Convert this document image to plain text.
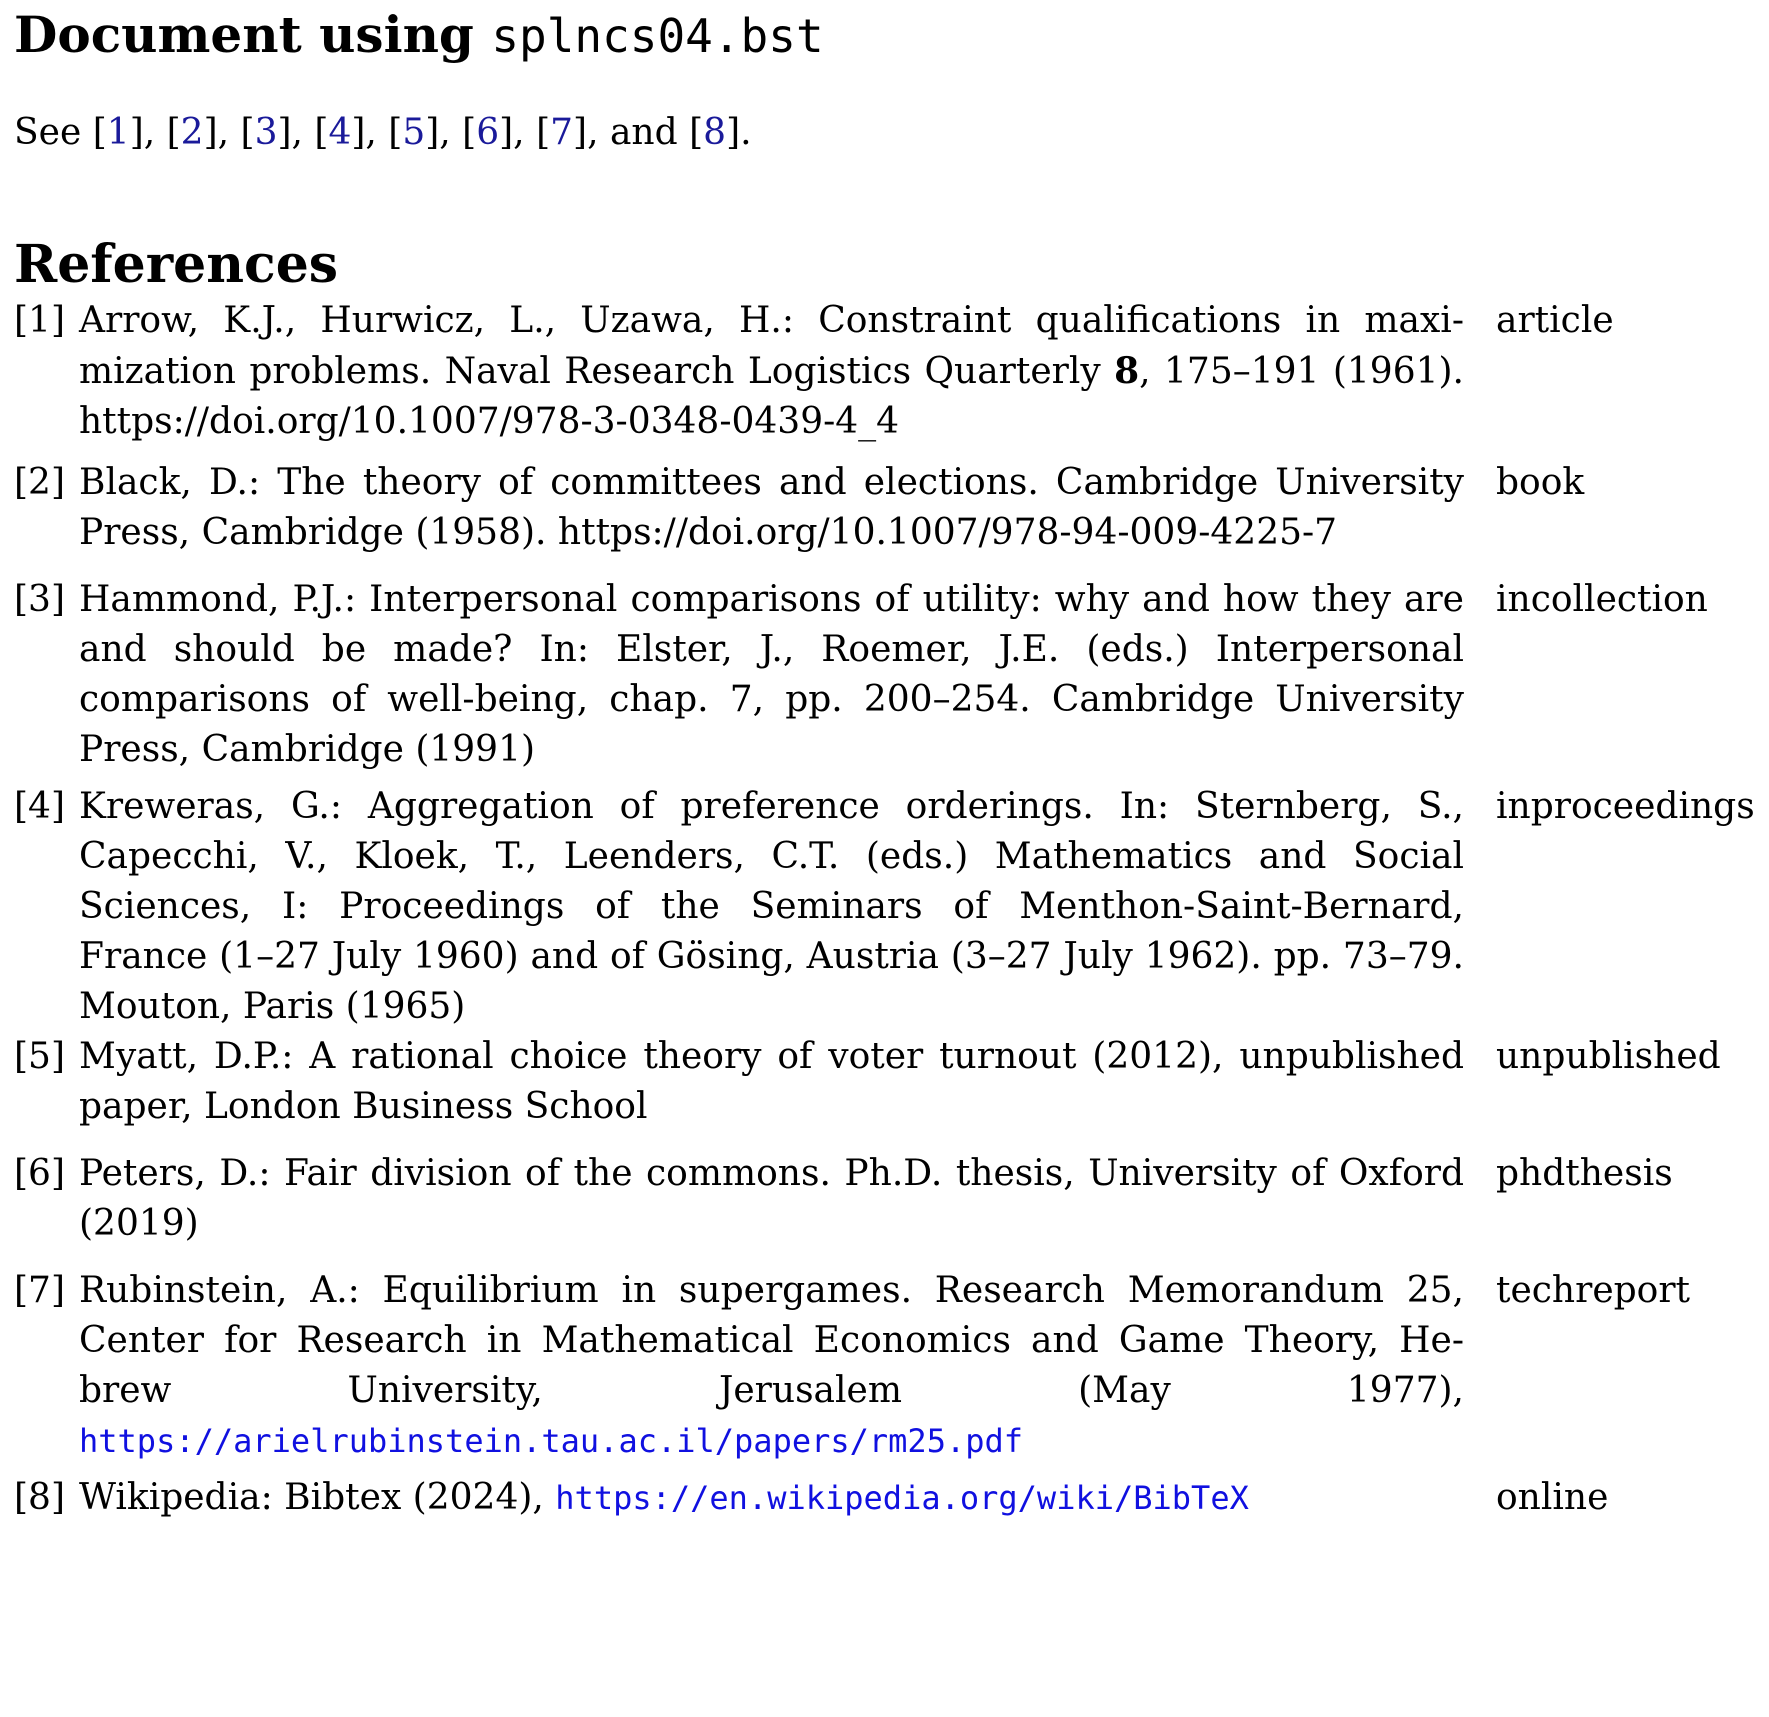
Document using splncs04.bst

See [1], [2], [3], [4], [5], [6], [7], and [8].

References
[1] Arrow, K.J., Hurwicz, L., Uzawa, H.: Constraint qualifications in maximization problems. Naval Research Logistics Quarterly 8, 175–191 (1961). https://doi.org/10.1007/978-3-0348-0439-4_4
article
[2] Black, D.: The theory of committees and elections. Cambridge University Press, Cambridge (1958). https://doi.org/10.1007/978-94-009-4225-7
book
[3] Hammond, P.J.: Interpersonal comparisons of utility: why and how they are and should be made? In: Elster, J., Roemer, J.E. (eds.) Interpersonal comparisons of well-being, chap. 7, pp. 200–254. Cambridge University Press, Cambridge (1991)
incollection
[4] Kreweras, G.: Aggregation of preference orderings. In: Sternberg, S., Capecchi, V., Kloek, T., Leenders, C.T. (eds.) Mathematics and Social Sciences, I: Proceedings of the Seminars of Menthon-Saint-Bernard, France (1–27 July 1960) and of Gösing, Austria (3–27 July 1962). pp. 73–79. Mouton, Paris (1965)
inproceedings
[5] Myatt, D.P.: A rational choice theory of voter turnout (2012), unpublished paper, London Business School
unpublished
[6] Peters, D.: Fair division of the commons. Ph.D. thesis, University of Oxford (2019)
phdthesis
[7] Rubinstein, A.: Equilibrium in supergames. Research Memorandum 25, Center for Research in Mathematical Economics and Game Theory, Hebrew University, Jerusalem (May 1977), https://arielrubinstein.tau.ac.il/papers/rm25.pdf
techreport
[8] Wikipedia: Bibtex (2024), https://en.wikipedia.org/wiki/BibTeX	online
